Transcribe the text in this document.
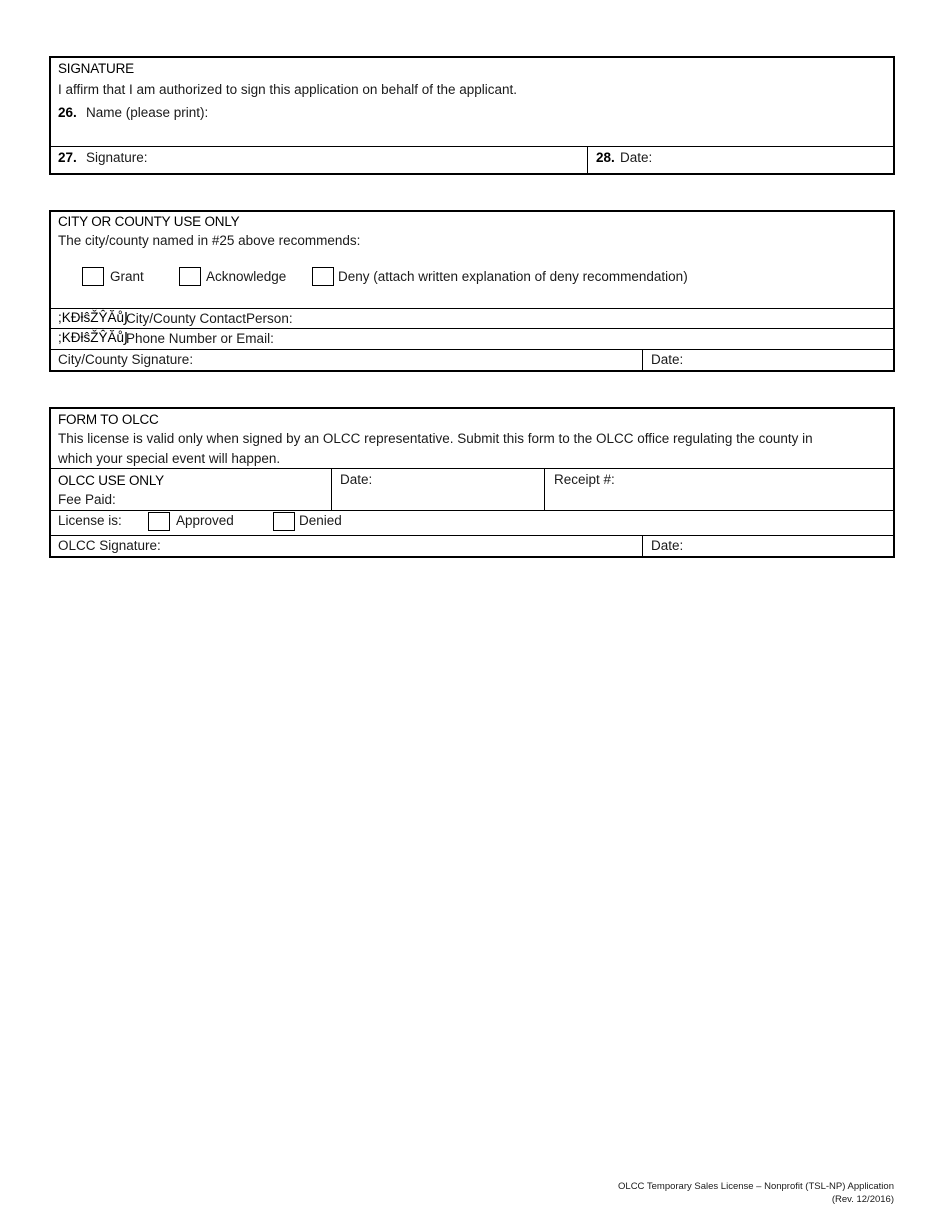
SIGNATURE
I affirm that I am authorized to sign this application on behalf of the applicant.
26. Name (please print):
27. Signature:	28. Date:
CITY OR COUNTY USE ONLY
The city/county named in #25 above recommends:
Grant	Acknowledge	Deny (attach written explanation of deny recommendation)
;KƉƚŝŽŶĂůͿ
City/County ContactPerson:
;KƉƚŝŽŶĂůͿ
Phone Number or Email:
City/County Signature:	Date:
FORM TO OLCC
This license is valid only when signed by an OLCC representative. Submit this form to the OLCC office regulating the county in
which your special event will happen.
OLCC USE ONLY
Fee Paid:
Date:	Receipt #:
License is:	Approved	Denied
OLCC Signature:	Date:
OLCC Temporary Sales License – Nonprofit (TSL-NP) Application
(Rev. 12/2016)
